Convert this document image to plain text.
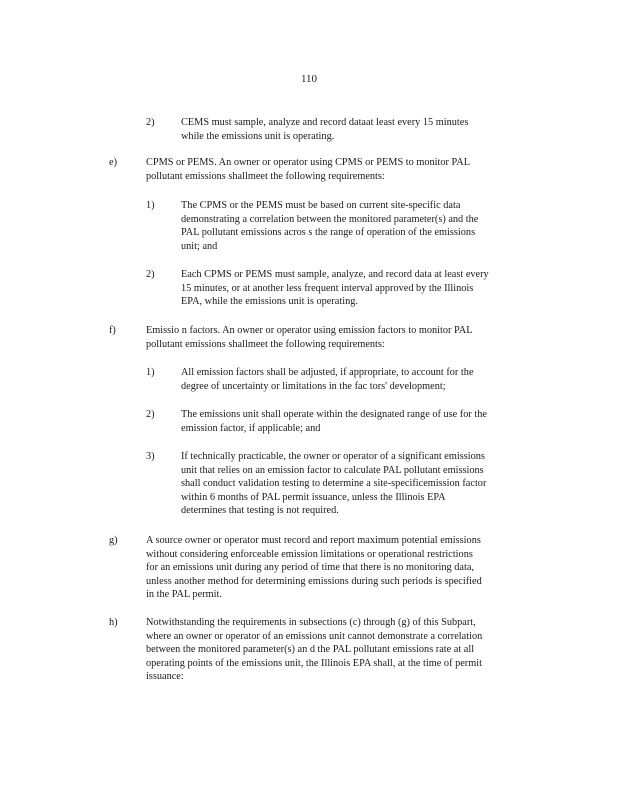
110
2)	CEMS must sample, analyze and record dataat least every 15 minutes
while the emissions unit is operating.
e)	CPMS or PEMS. An owner or operator using CPMS or PEMS to monitor PAL
pollutant emissions shallmeet the following requirements:
1)	The CPMS or the PEMS must be based on current site-specific data
demonstrating a correlation between the monitored parameter(s) and the
PAL pollutant emissions acros s the range of operation of the emissions
unit; and
2)	Each CPMS or PEMS must sample, analyze, and record data at least every
15 minutes, or at another less frequent interval approved by the Illinois
EPA, while the emissions unit is operating.
f)	Emissio n factors. An owner or operator using emission factors to monitor PAL
pollutant emissions shallmeet the following requirements:
1)	All emission factors shall be adjusted, if appropriate, to account for the
degree of uncertainty or limitations in the fac tors' development;
2)	The emissions unit shall operate within the designated range of use for the
emission factor, if applicable; and
3)	If technically practicable, the owner or operator of a significant emissions
unit that relies on an emission factor to calculate PAL pollutant emissions
shall conduct validation testing to determine a site-specificemission factor
within 6 months of PAL permit issuance, unless the Illinois EPA
determines that testing is not required.
g)	A source owner or operator must record and report maximum potential emissions
without considering enforceable emission limitations or operational restrictions
for an emissions unit during any period of time that there is no monitoring data,
unless another method for determining emissions during such periods is specified
in the PAL permit.
h)	Notwithstanding the requirements in subsections (c) through (g) of this Subpart,
where an owner or operator of an emissions unit cannot demonstrate a correlation
between the monitored parameter(s) an d the PAL pollutant emissions rate at all
operating points of the emissions unit, the Illinois EPA shall, at the time of permit
issuance:
